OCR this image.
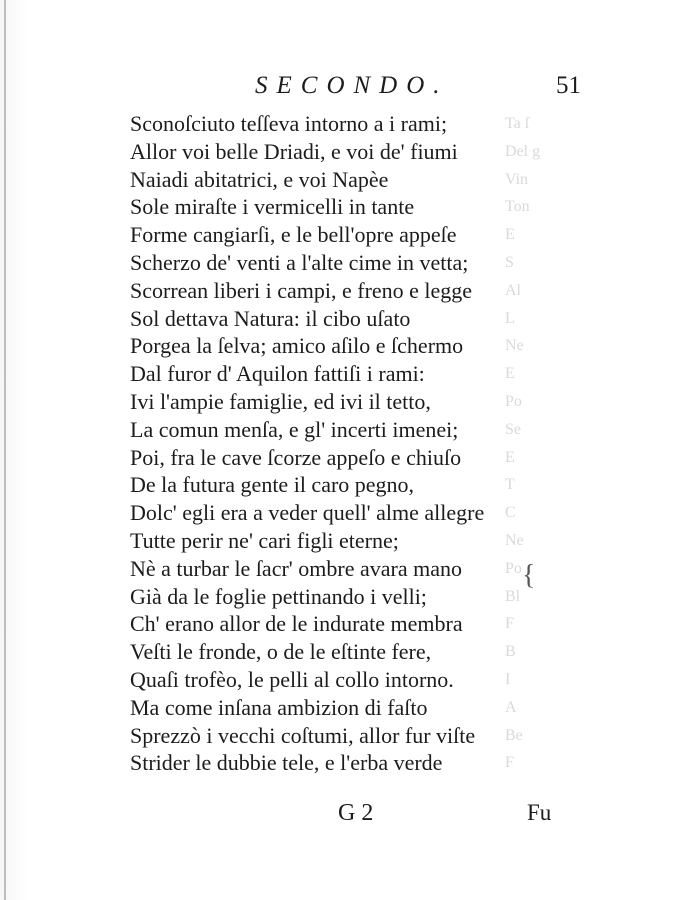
SECONDO.	51
Ta ſ
Del g
Vin
Ton
E
S
Al
L
Ne
E
Po
Se
E
T
C
Ne
Po
Bl
F
B
I
A
Be
F
Sconoſciuto teſſeva intorno a i rami;
Allor voi belle Driadi, e voi de' fiumi
Naiadi abitatrici, e voi Napèe
Sole miraſte i vermicelli in tante
Forme cangiarſi, e le bell'opre appeſe
Scherzo de' venti a l'alte cime in vetta;
Scorrean liberi i campi, e freno e legge
Sol dettava Natura: il cibo uſato
Porgea la ſelva; amico aſilo e ſchermo
Dal furor d' Aquilon fattiſi i rami:
Ivi l'ampie famiglie, ed ivi il tetto,
La comun menſa, e gl' incerti imenei;
Poi, fra le cave ſcorze appeſo e chiuſo
De la futura gente il caro pegno,
Dolc' egli era a veder quell' alme allegre
Tutte perir ne' cari figli eterne;
Nè a turbar le ſacr' ombre avara mano
Già da le foglie pettinando i velli;
Ch' erano allor de le indurate membra
Veſti le fronde, o de le eſtinte fere,
Quaſi trofèo, le pelli al collo intorno.
Ma come inſana ambizion di faſto
Sprezzò i vecchi coſtumi, allor fur viſte
Strider le dubbie tele, e l'erba verde
{
G 2	Fu
